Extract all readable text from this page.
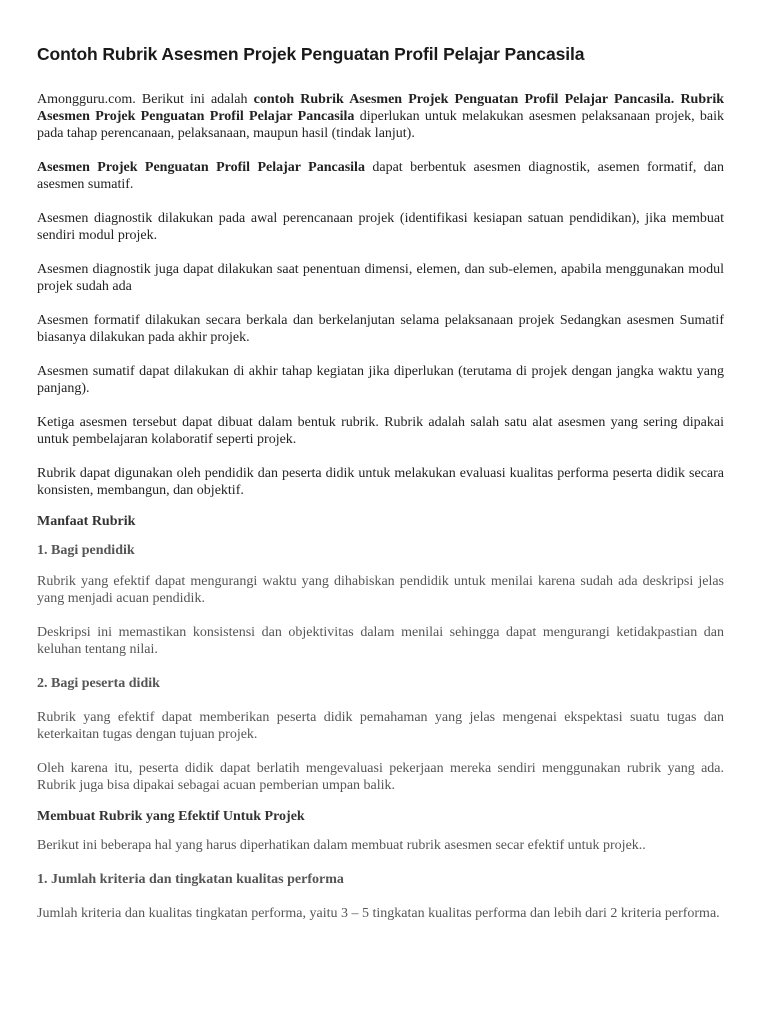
Contoh Rubrik Asesmen Projek Penguatan Profil Pelajar Pancasila

Amongguru.com. Berikut ini adalah contoh Rubrik Asesmen Projek Penguatan Profil Pelajar Pancasila. Rubrik Asesmen Projek Penguatan Profil Pelajar Pancasila diperlukan untuk melakukan asesmen pelaksanaan projek, baik pada tahap perencanaan, pelaksanaan, maupun hasil (tindak lanjut).

Asesmen Projek Penguatan Profil Pelajar Pancasila dapat berbentuk asesmen diagnostik, asemen formatif, dan asesmen sumatif.

Asesmen diagnostik dilakukan pada awal perencanaan projek (identifikasi kesiapan satuan pendidikan), jika membuat sendiri modul projek.

Asesmen diagnostik juga dapat dilakukan saat penentuan dimensi, elemen, dan sub-elemen, apabila menggunakan modul projek sudah ada

Asesmen formatif dilakukan secara berkala dan berkelanjutan selama pelaksanaan projek Sedangkan asesmen Sumatif biasanya dilakukan pada akhir projek.

Asesmen sumatif dapat dilakukan di akhir tahap kegiatan jika diperlukan (terutama di projek dengan jangka waktu yang panjang).

Ketiga asesmen tersebut dapat dibuat dalam bentuk rubrik. Rubrik adalah salah satu alat asesmen yang sering dipakai untuk pembelajaran kolaboratif seperti projek.

Rubrik dapat digunakan oleh pendidik dan peserta didik untuk melakukan evaluasi kualitas performa peserta didik secara konsisten, membangun, dan objektif.

Manfaat Rubrik
1. Bagi pendidik

Rubrik yang efektif dapat mengurangi waktu yang dihabiskan pendidik untuk menilai karena sudah ada deskripsi jelas yang menjadi acuan pendidik.

Deskripsi ini memastikan konsistensi dan objektivitas dalam menilai sehingga dapat mengurangi ketidakpastian dan keluhan tentang nilai.

2. Bagi peserta didik

Rubrik yang efektif dapat memberikan peserta didik pemahaman yang jelas mengenai ekspektasi suatu tugas dan keterkaitan tugas dengan tujuan projek.

Oleh karena itu, peserta didik dapat berlatih mengevaluasi pekerjaan mereka sendiri menggunakan rubrik yang ada. Rubrik juga bisa dipakai sebagai acuan pemberian umpan balik.

Membuat Rubrik yang Efektif Untuk Projek

Berikut ini beberapa hal yang harus diperhatikan dalam membuat rubrik asesmen secar efektif untuk projek..

1. Jumlah kriteria dan tingkatan kualitas performa

Jumlah kriteria dan kualitas tingkatan performa, yaitu 3 – 5 tingkatan kualitas performa dan lebih dari 2 kriteria performa.
